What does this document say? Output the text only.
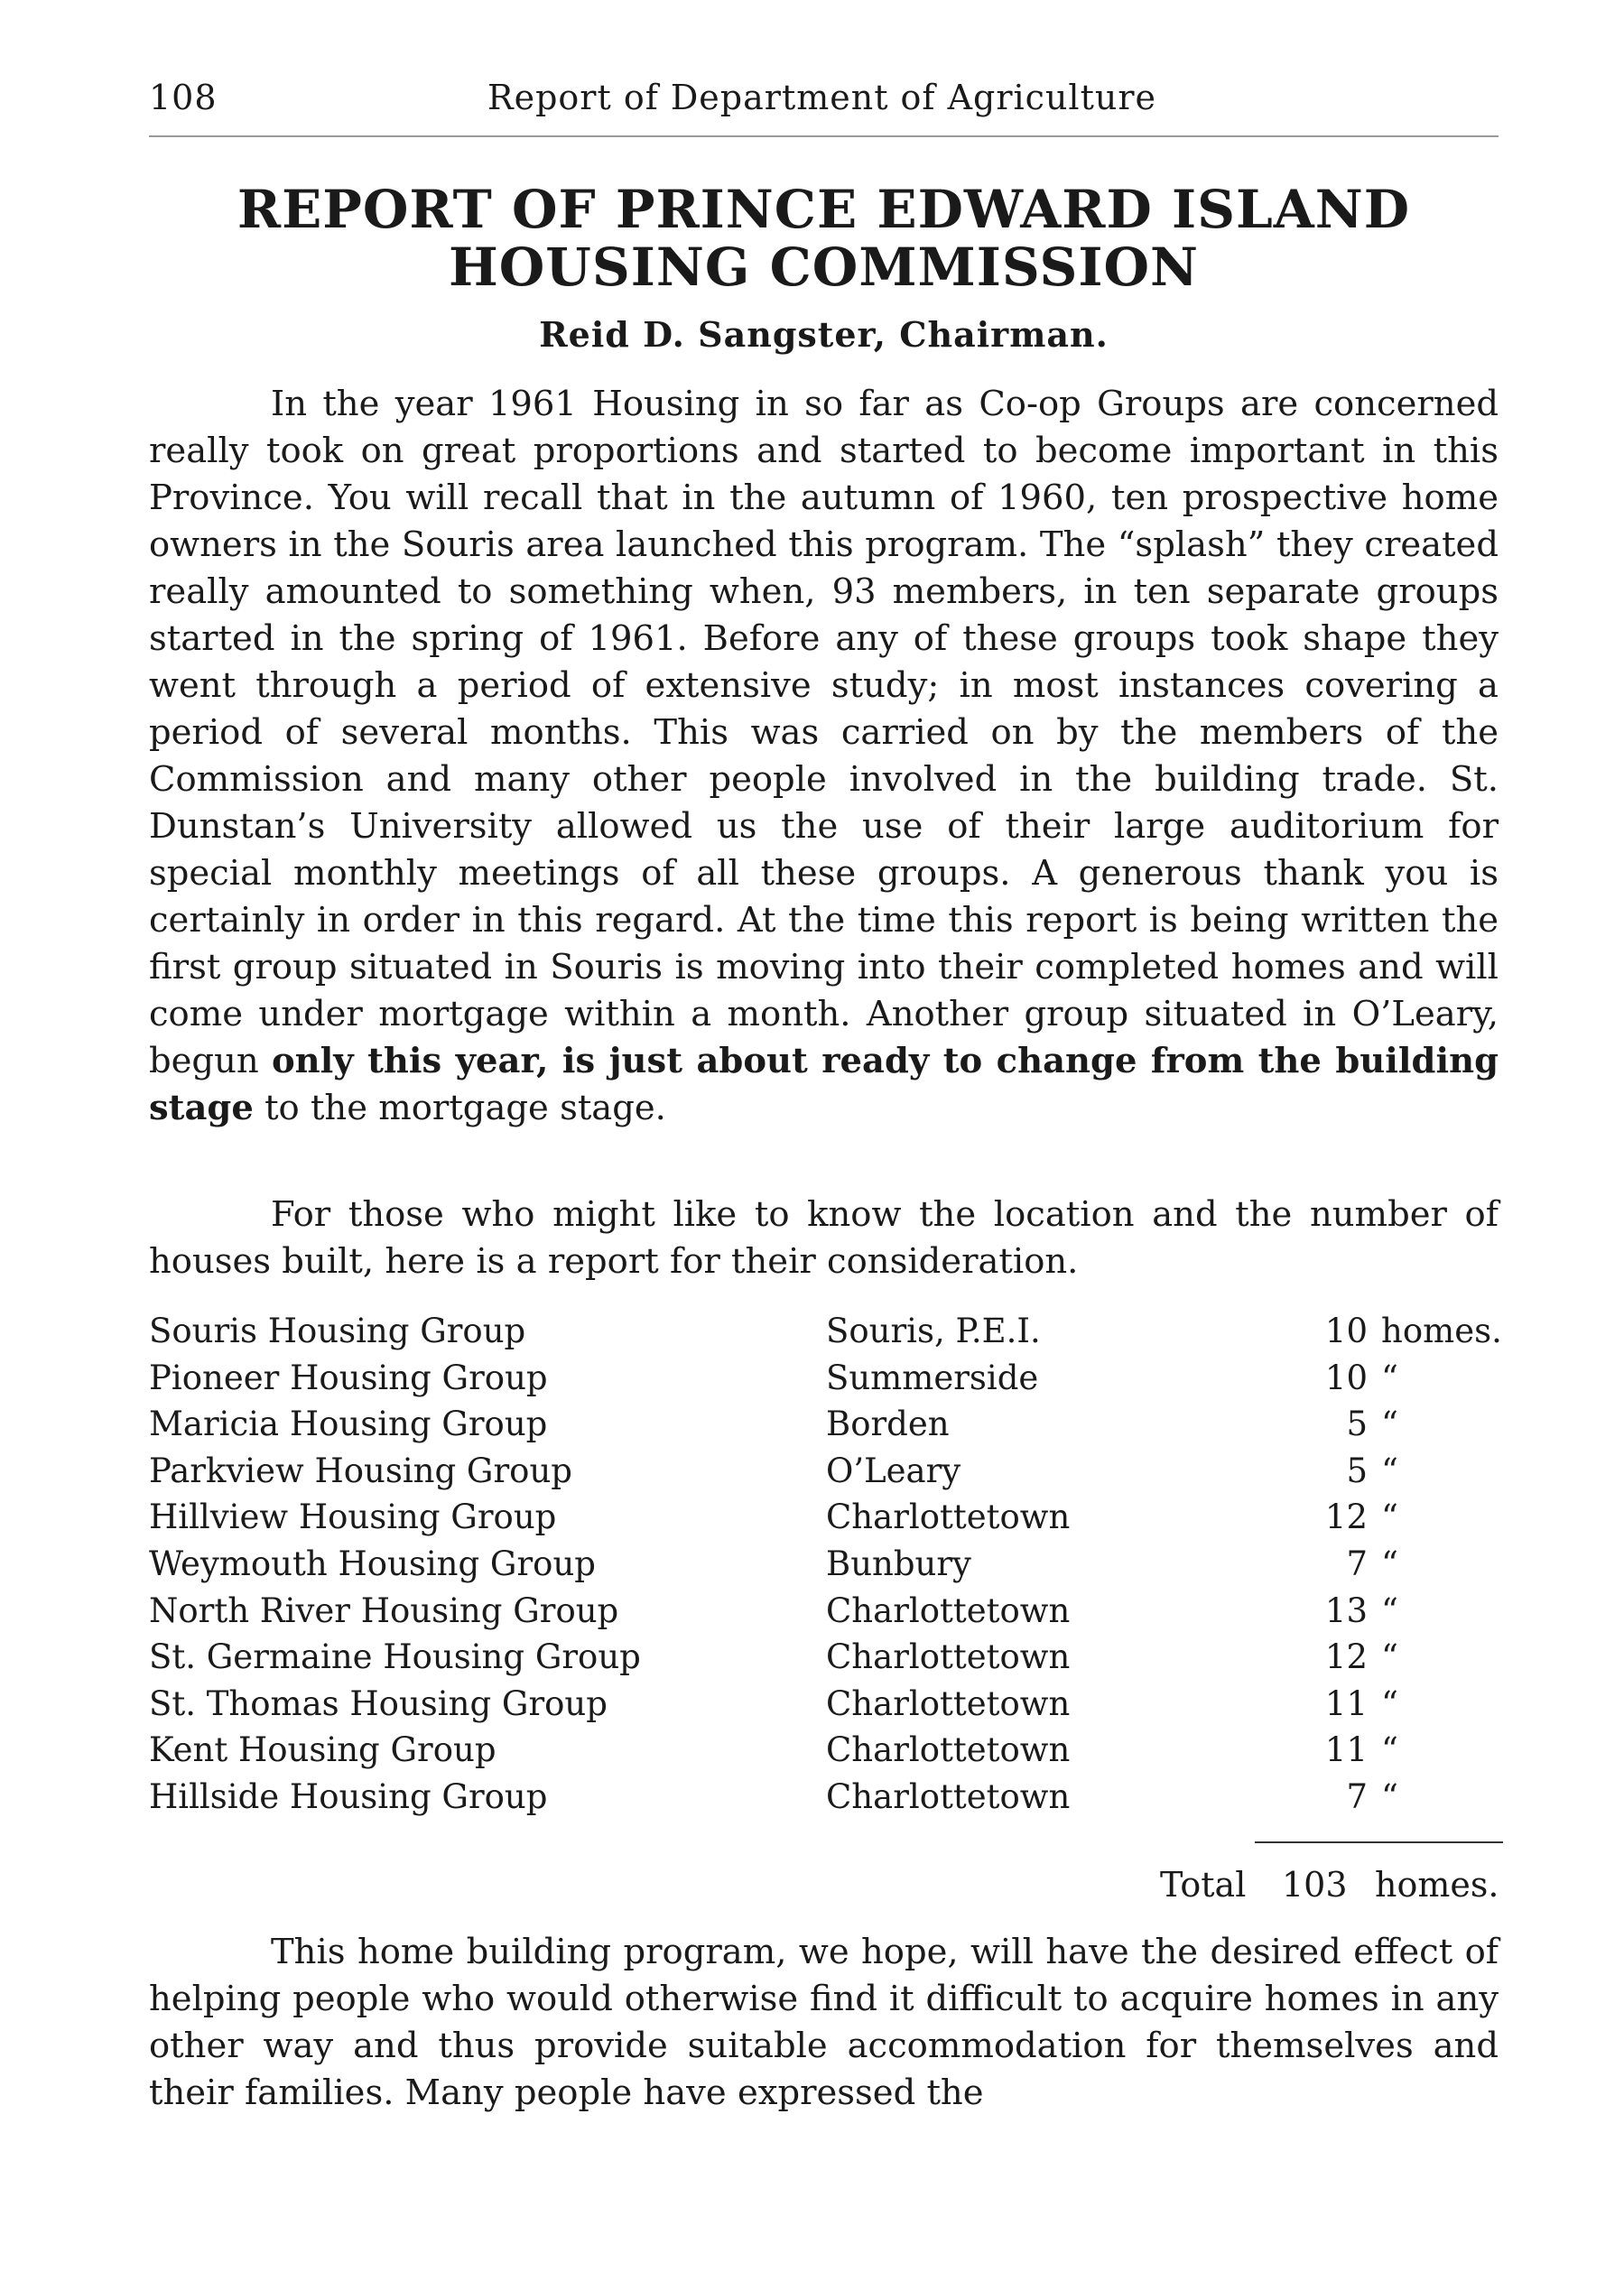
108	Report of Department of Agriculture
REPORT OF PRINCE EDWARD ISLAND
HOUSING COMMISSION
Reid D. Sangster, Chairman.

In the year 1961 Housing in so far as Co-op Groups are concerned really took on great proportions and started to become important in this Province. You will recall that in the autumn of 1960, ten prospective home owners in the Souris area launched this program. The “splash” they created really amounted to something when, 93 members, in ten separate groups started in the spring of 1961. Before any of these groups took shape they went through a period of extensive study; in most instances covering a period of several months. This was carried on by the members of the Commission and many other people involved in the building trade. St. Dunstan’s University allowed us the use of their large auditorium for special monthly meetings of all these groups. A generous thank you is certainly in order in this regard. At the time this report is being written the first group situated in Souris is moving into their completed homes and will come under mortgage within a month. Another group situated in O’Leary, begun only this year, is just about ready to change from the building stage to the mortgage stage.

For those who might like to know the location and the number of houses built, here is a report for their consideration.

Souris Housing Group	Souris, P.E.I.	10 homes.
Pioneer Housing Group	Summerside	10 “
Maricia Housing Group	Borden	5 “
Parkview Housing Group	O’Leary	5 “
Hillview Housing Group	Charlottetown	12 “
Weymouth Housing Group	Bunbury	7 “
North River Housing Group	Charlottetown	13 “
St. Germaine Housing Group	Charlottetown	12 “
St. Thomas Housing Group	Charlottetown	11 “
Kent Housing Group	Charlottetown	11 “
Hillside Housing Group	Charlottetown	7 “
Total 103 homes.

This home building program, we hope, will have the desired effect of helping people who would otherwise find it difficult to acquire homes in any other way and thus provide suitable accommodation for themselves and their families. Many people have expressed the
